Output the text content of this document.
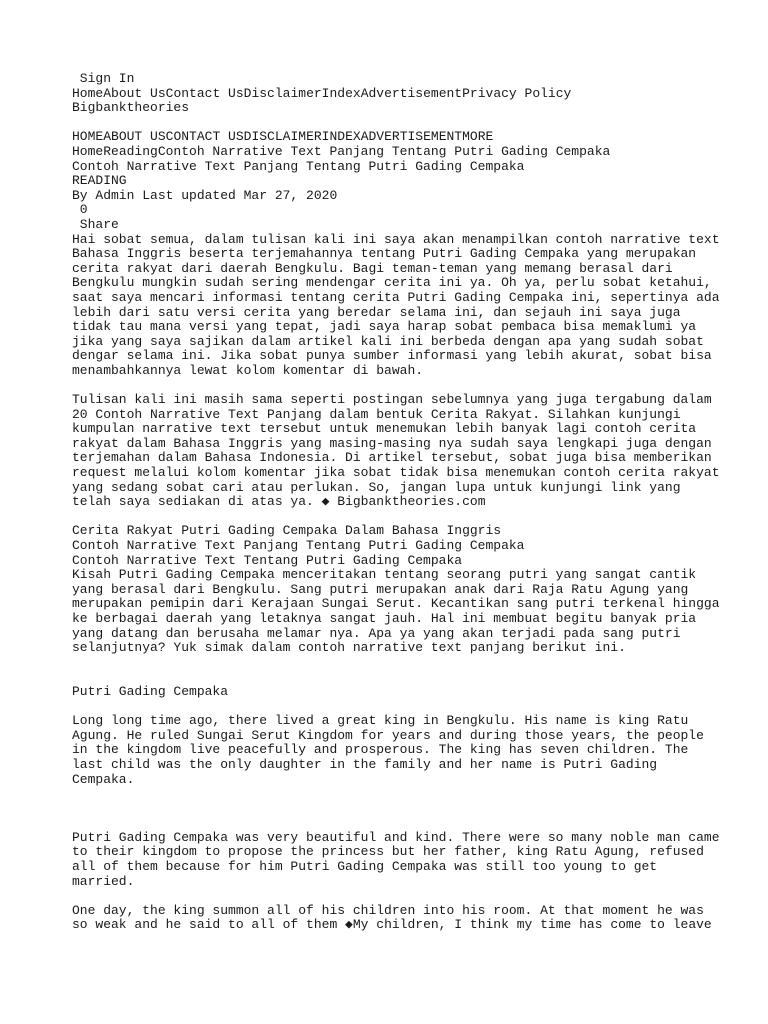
Sign In
HomeAbout UsContact UsDisclaimerIndexAdvertisementPrivacy Policy
Bigbanktheories
HOMEABOUT USCONTACT USDISCLAIMERINDEXADVERTISEMENTMORE
HomeReadingContoh Narrative Text Panjang Tentang Putri Gading Cempaka
Contoh Narrative Text Panjang Tentang Putri Gading Cempaka
READING
By Admin Last updated Mar 27, 2020
0
Share
Hai sobat semua, dalam tulisan kali ini saya akan menampilkan contoh narrative text
Bahasa Inggris beserta terjemahannya tentang Putri Gading Cempaka yang merupakan
cerita rakyat dari daerah Bengkulu. Bagi teman-teman yang memang berasal dari
Bengkulu mungkin sudah sering mendengar cerita ini ya. Oh ya, perlu sobat ketahui,
saat saya mencari informasi tentang cerita Putri Gading Cempaka ini, sepertinya ada
lebih dari satu versi cerita yang beredar selama ini, dan sejauh ini saya juga
tidak tau mana versi yang tepat, jadi saya harap sobat pembaca bisa memaklumi ya
jika yang saya sajikan dalam artikel kali ini berbeda dengan apa yang sudah sobat
dengar selama ini. Jika sobat punya sumber informasi yang lebih akurat, sobat bisa
menambahkannya lewat kolom komentar di bawah.
Tulisan kali ini masih sama seperti postingan sebelumnya yang juga tergabung dalam
20 Contoh Narrative Text Panjang dalam bentuk Cerita Rakyat. Silahkan kunjungi
kumpulan narrative text tersebut untuk menemukan lebih banyak lagi contoh cerita
rakyat dalam Bahasa Inggris yang masing-masing nya sudah saya lengkapi juga dengan
terjemahan dalam Bahasa Indonesia. Di artikel tersebut, sobat juga bisa memberikan
request melalui kolom komentar jika sobat tidak bisa menemukan contoh cerita rakyat
yang sedang sobat cari atau perlukan. So, jangan lupa untuk kunjungi link yang
telah saya sediakan di atas ya. ◆ Bigbanktheories.com
Cerita Rakyat Putri Gading Cempaka Dalam Bahasa Inggris
Contoh Narrative Text Panjang Tentang Putri Gading Cempaka
Contoh Narrative Text Tentang Putri Gading Cempaka
Kisah Putri Gading Cempaka menceritakan tentang seorang putri yang sangat cantik
yang berasal dari Bengkulu. Sang putri merupakan anak dari Raja Ratu Agung yang
merupakan pemipin dari Kerajaan Sungai Serut. Kecantikan sang putri terkenal hingga
ke berbagai daerah yang letaknya sangat jauh. Hal ini membuat begitu banyak pria
yang datang dan berusaha melamar nya. Apa ya yang akan terjadi pada sang putri
selanjutnya? Yuk simak dalam contoh narrative text panjang berikut ini.
Putri Gading Cempaka
Long long time ago, there lived a great king in Bengkulu. His name is king Ratu
Agung. He ruled Sungai Serut Kingdom for years and during those years, the people
in the kingdom live peacefully and prosperous. The king has seven children. The
last child was the only daughter in the family and her name is Putri Gading
Cempaka.
Putri Gading Cempaka was very beautiful and kind. There were so many noble man came
to their kingdom to propose the princess but her father, king Ratu Agung, refused
all of them because for him Putri Gading Cempaka was still too young to get
married.
One day, the king summon all of his children into his room. At that moment he was
so weak and he said to all of them ◆My children, I think my time has come to leave
